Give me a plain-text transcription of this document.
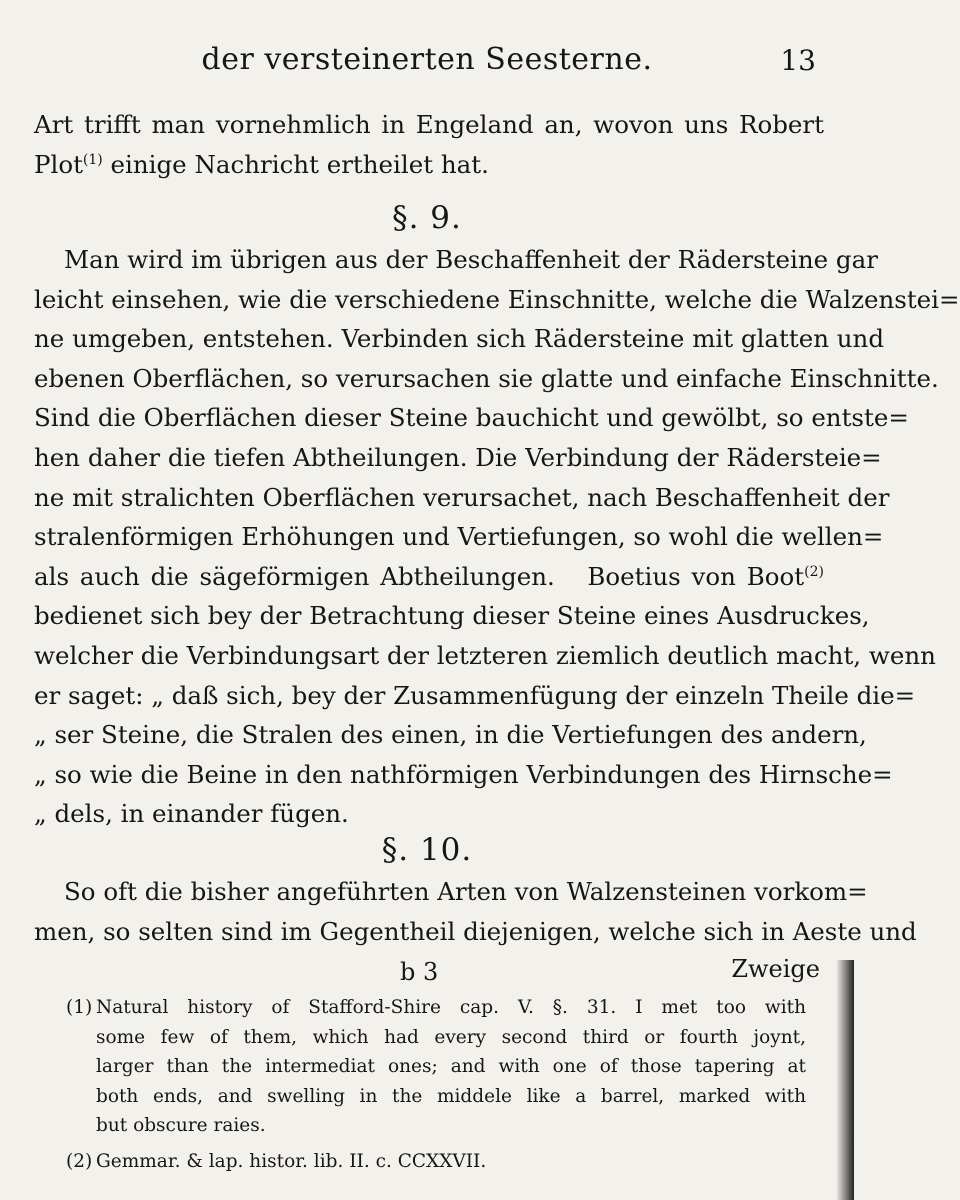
der versteinerten Seesterne.	13
Art trifft man vornehmlich in Engeland an, wovon uns Robert
Plot$^{(1)}$ einige Nachricht ertheilet hat.
§. 9.
Man wird im übrigen aus der Beschaffenheit der Rädersteine gar
leicht einsehen, wie die verschiedene Einschnitte, welche die Walzenstei=
ne umgeben, entstehen. Verbinden sich Rädersteine mit glatten und
ebenen Oberflächen, so verursachen sie glatte und einfache Einschnitte.
Sind die Oberflächen dieser Steine bauchicht und gewölbt, so entste=
hen daher die tiefen Abtheilungen. Die Verbindung der Rädersteie=
ne mit stralichten Oberflächen verursachet, nach Beschaffenheit der
stralenförmigen Erhöhungen und Vertiefungen, so wohl die wellen=
als auch die sägeförmigen Abtheilungen. Boetius von Boot$^{(2)}$
bedienet sich bey der Betrachtung dieser Steine eines Ausdruckes,
welcher die Verbindungsart der letzteren ziemlich deutlich macht, wenn
er saget: „ daß sich, bey der Zusammenfügung der einzeln Theile die=
„ ser Steine, die Stralen des einen, in die Vertiefungen des andern,
„ so wie die Beine in den nathförmigen Verbindungen des Hirnsche=
„ dels, in einander fügen.
§. 10.
So oft die bisher angeführten Arten von Walzensteinen vorkom=
men, so selten sind im Gegentheil diejenigen, welche sich in Aeste und
b 3	Zweige
(1) Natural history of Stafford-Shire cap. V. §. 31. I met too with
some few of them, which had every second third or fourth joynt,
larger than the intermediat ones; and with one of those tapering at
both ends, and swelling in the middele like a barrel, marked with
but obscure raies.
(2) Gemmar. & lap. histor. lib. II. c. CCXXVII.
